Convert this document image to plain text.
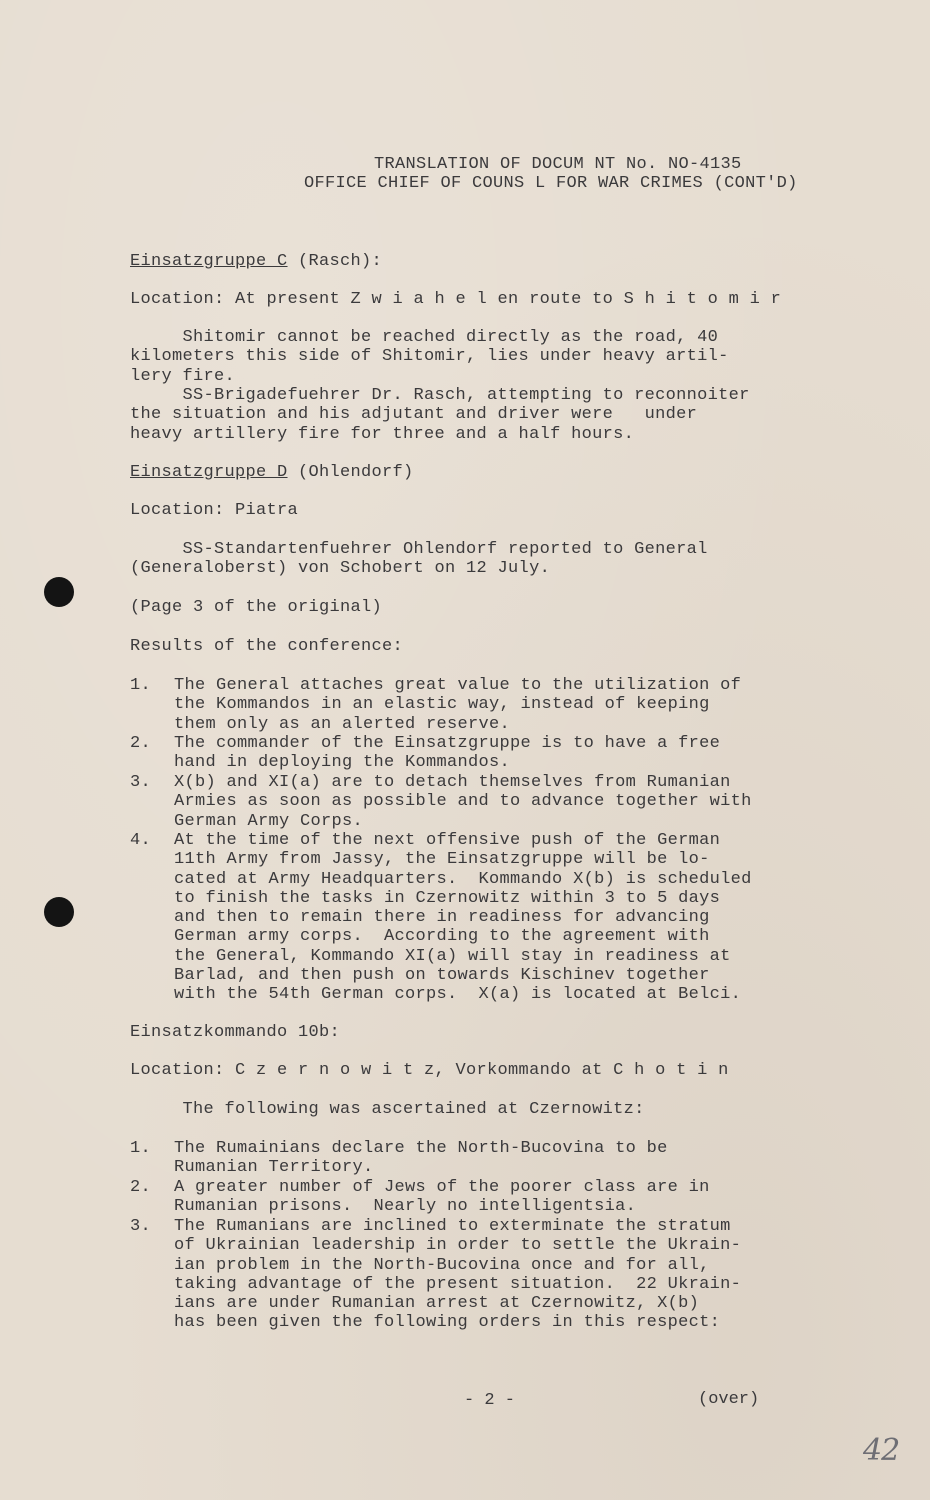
TRANSLATION OF DOCUM NT No. NO-4135
OFFICE CHIEF OF COUNS L FOR WAR CRIMES (CONT'D)
Einsatzgruppe C (Rasch):
Location: At present Z w i a h e l en route to S h i t o m i r
Shitomir cannot be reached directly as the road, 40
kilometers this side of Shitomir, lies under heavy artil-
lery fire.
SS-Brigadefuehrer Dr. Rasch, attempting to reconnoiter
the situation and his adjutant and driver were   under
heavy artillery fire for three and a half hours.
Einsatzgruppe D (Ohlendorf)
Location: Piatra
SS-Standartenfuehrer Ohlendorf reported to General
(Generaloberst) von Schobert on 12 July.
(Page 3 of the original)
Results of the conference:
1. The General attaches great value to the utilization of
the Kommandos in an elastic way, instead of keeping
them only as an alerted reserve.
2. The commander of the Einsatzgruppe is to have a free
hand in deploying the Kommandos.
3. X(b) and XI(a) are to detach themselves from Rumanian
Armies as soon as possible and to advance together with
German Army Corps.
4. At the time of the next offensive push of the German
11th Army from Jassy, the Einsatzgruppe will be lo-
cated at Army Headquarters.  Kommando X(b) is scheduled
to finish the tasks in Czernowitz within 3 to 5 days
and then to remain there in readiness for advancing
German army corps.  According to the agreement with
the General, Kommando XI(a) will stay in readiness at
Barlad, and then push on towards Kischinev together
with the 54th German corps.  X(a) is located at Belci.
Einsatzkommando 10b:
Location: C z e r n o w i t z, Vorkommando at C h o t i n
The following was ascertained at Czernowitz:
1. The Rumainians declare the North-Bucovina to be
Rumanian Territory.
2. A greater number of Jews of the poorer class are in
Rumanian prisons.  Nearly no intelligentsia.
3. The Rumanians are inclined to exterminate the stratum
of Ukrainian leadership in order to settle the Ukrain-
ian problem in the North-Bucovina once and for all,
taking advantage of the present situation.  22 Ukrain-
ians are under Rumanian arrest at Czernowitz, X(b)
has been given the following orders in this respect:
- 2 -	(over)
42
